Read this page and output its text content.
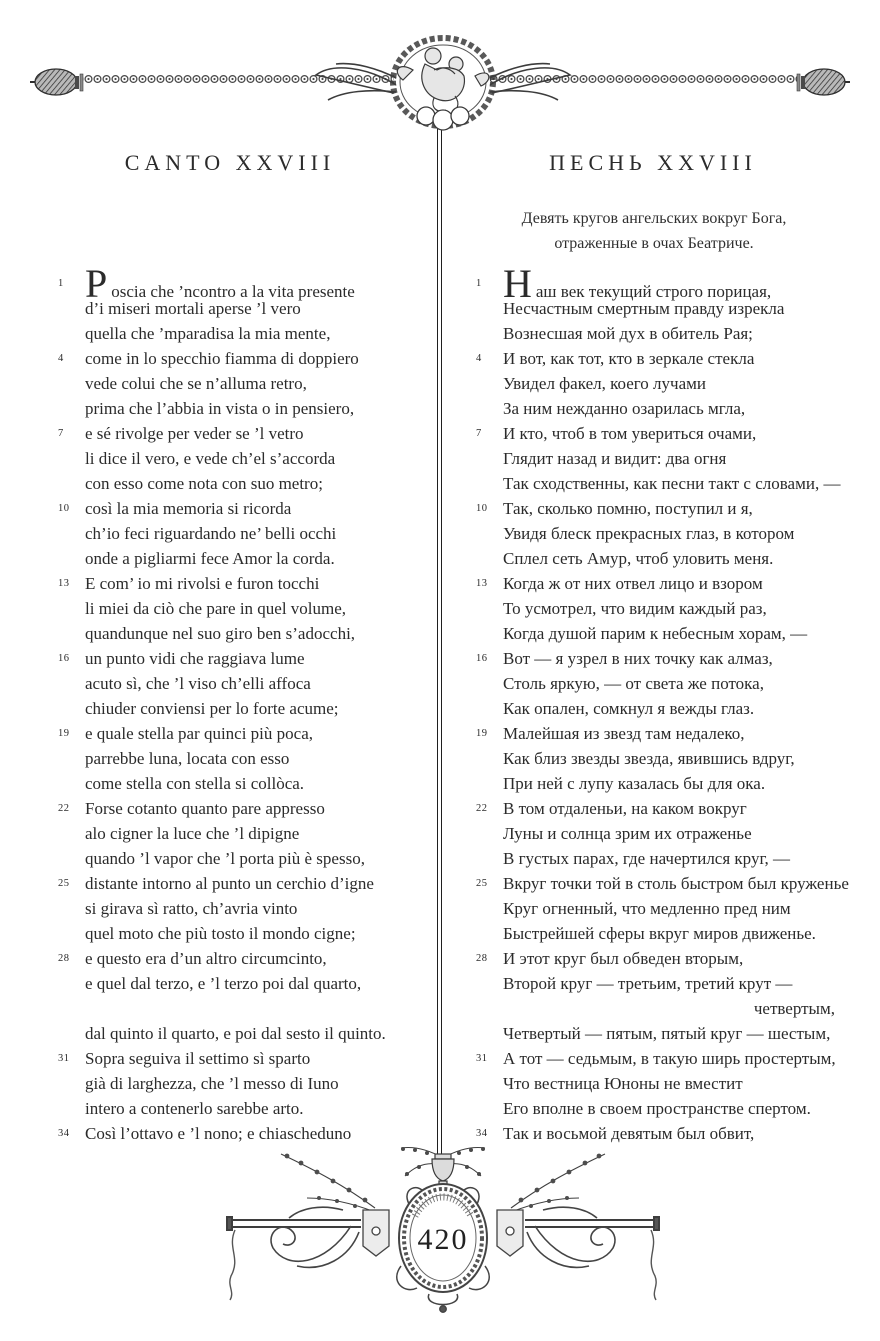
420
CANTO XXVIII	ПЕСНЬ XXVIII
Девять кругов ангельских вокруг Бога,
отраженные в очах Беатриче.
1 P oscia che ’ncontro a la vita presente
d’i miseri mortali aperse ’l vero
quella che ’mparadisa la mia mente,
4	come in lo specchio fiamma di doppiero
vede colui che se n’alluma retro,
prima che l’abbia in vista o in pensiero,
7	e sé rivolge per veder se ’l vetro
li dice il vero, e vede ch’el s’accorda
con esso come nota con suo metro;
10 così la mia memoria si ricorda
ch’io feci riguardando ne’ belli occhi
onde a pigliarmi fece Amor la corda.
13 E com’ io mi rivolsi e furon tocchi
li miei da ciò che pare in quel volume,
quandunque nel suo giro ben s’adocchi,
16 un punto vidi che raggiava lume
acuto sì, che ’l viso ch’elli affoca
chiuder conviensi per lo forte acume;
19 e quale stella par quinci più poca,
parrebbe luna, locata con esso
come stella con stella si collòca.
22 Forse cotanto quanto pare appresso
alo cigner la luce che ’l dipigne
quando ’l vapor che ’l porta più è spesso,
25 distante intorno al punto un cerchio d’igne
si girava sì ratto, ch’avria vinto
quel moto che più tosto il mondo cigne;
28 e questo era d’un altro circumcinto,
e quel dal terzo, e ’l terzo poi dal quarto,
dal quinto il quarto, e poi dal sesto il quinto.
31 Sopra seguiva il settimo sì sparto
già di larghezza, che ’l messo di Iuno
intero a contenerlo sarebbe arto.
34 Così l’ottavo e ’l nono; e chiascheduno
1 Н аш век текущий строго порицая,
Несчастным смертным правду изрекла
Вознесшая мой дух в обитель Рая;
4	И вот, как тот, кто в зеркале стекла
Увидел факел, коего лучами
За ним нежданно озарилась мгла,
7	И кто, чтоб в том увериться очами,
Глядит назад и видит: два огня
Так сходственны, как песни такт с словами, —
10 Так, сколько помню, поступил и я,
Увидя блеск прекрасных глаз, в котором
Сплел сеть Амур, чтоб уловить меня.
13 Когда ж от них отвел лицо и взором
То усмотрел, что видим каждый раз,
Когда душой парим к небесным хорам, —
16 Вот — я узрел в них точку как алмаз,
Столь яркую, — от света же потока,
Как опален, сомкнул я вежды глаз.
19 Малейшая из звезд там недалеко,
Как близ звезды звезда, явившись вдруг,
При ней с лупу казалась бы для ока.
22 В том отдаленьи, на каком вокруг
Луны и солнца зрим их отраженье
В густых парах, где начертился круг, —
25 Вкруг точки той в столь быстром был круженье
Круг огненный, что медленно пред ним
Быстрейшей сферы вкруг миров движенье.
28 И этот круг был обведен вторым,
Второй круг — третьим, третий крут —
четвертым,
Четвертый — пятым, пятый круг — шестым,
31 А тот — седьмым, в такую ширь простертым,
Что вестница Юноны не вместит
Его вполне в своем пространстве спертом.
34 Так и восьмой девятым был обвит,
